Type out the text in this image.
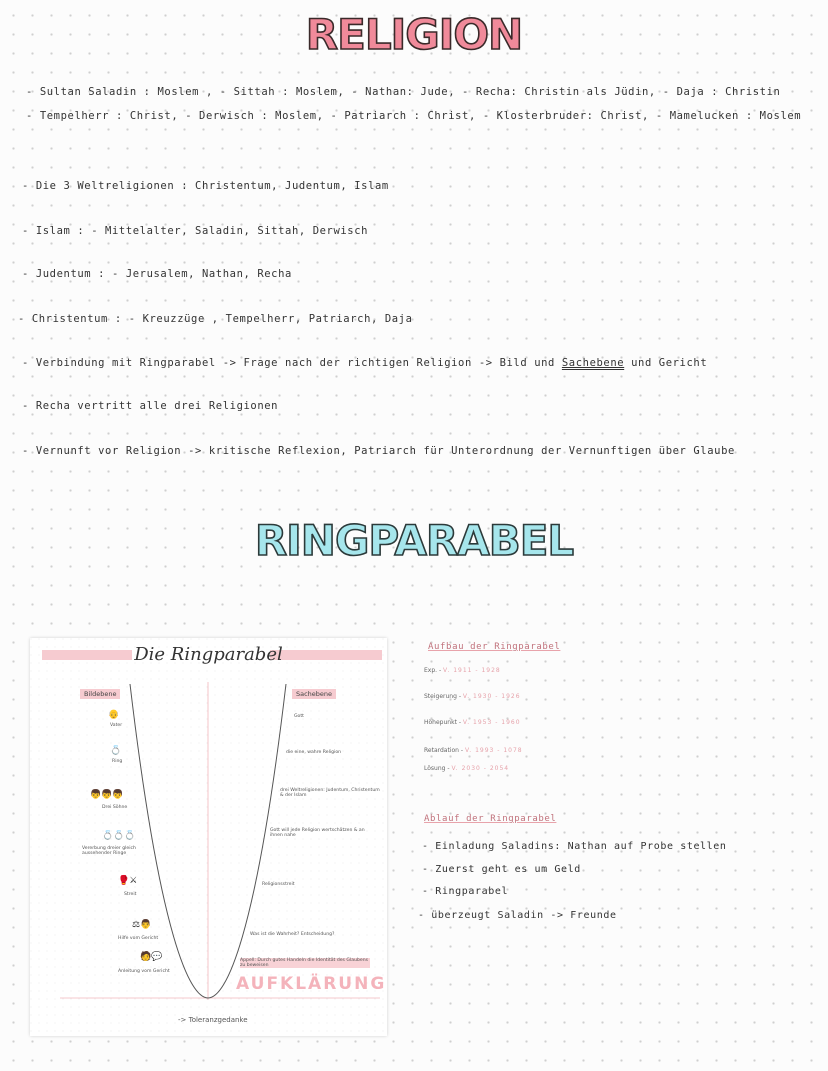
RELIGION
- Sultan Saladin : Moslem , - Sittah : Moslem, - Nathan: Jude, - Recha: Christin als Jüdin, - Daja : Christin
- Tempelherr : Christ, - Derwisch : Moslem, - Patriarch : Christ, - Klosterbruder: Christ, - Mamelucken : Moslem
- Die 3 Weltreligionen : Christentum, Judentum, Islam
- Islam : - Mittelalter, Saladin, Sittah, Derwisch
- Judentum : - Jerusalem, Nathan, Recha
- Christentum : - Kreuzzüge , Tempelherr, Patriarch, Daja
- Verbindung mit Ringparabel -> Frage nach der richtigen Religion -> Bild und Sachebene und Gericht
- Recha vertritt alle drei Religionen
- Vernunft vor Religion -> kritische Reflexion, Patriarch für Unterordnung der Vernunftigen über Glaube
RINGPARABEL
Die Ringparabel
Bildebene	Sachebene
👴
Vater
💍
Ring
👦👦👦
Drei Söhne
💍💍💍
Vererbung dreier gleich aussehender Ringe
🥊⚔
Streit
⚖👨
Hilfe vom Gericht
🧑💬
Anleitung vom Gericht
Gott
die eine, wahre Religion
drei Weltreligionen: Judentum, Christentum & der Islam
Gott will jede Religion wertschätzen & an ihnen nahe
Religionsstreit
Was ist die Wahrheit? Entscheidung?
Appell: Durch gutes Handeln die Identität des Glaubens zu beweisen
AUFKLÄRUNG
-> Toleranzgedanke
Aufbau der Ringparabel
Exp. - V. 1911 - 1928
Steigerung - V. 1930 - 1926
Höhepunkt - V. 1953 - 1960
Retardation - V. 1993 - 1078
Lösung - V. 2030 - 2054
Ablauf der Ringparabel
- Einladung Saladins: Nathan auf Probe stellen
- Zuerst geht es um Geld
- Ringparabel
- überzeugt Saladin -> Freunde
